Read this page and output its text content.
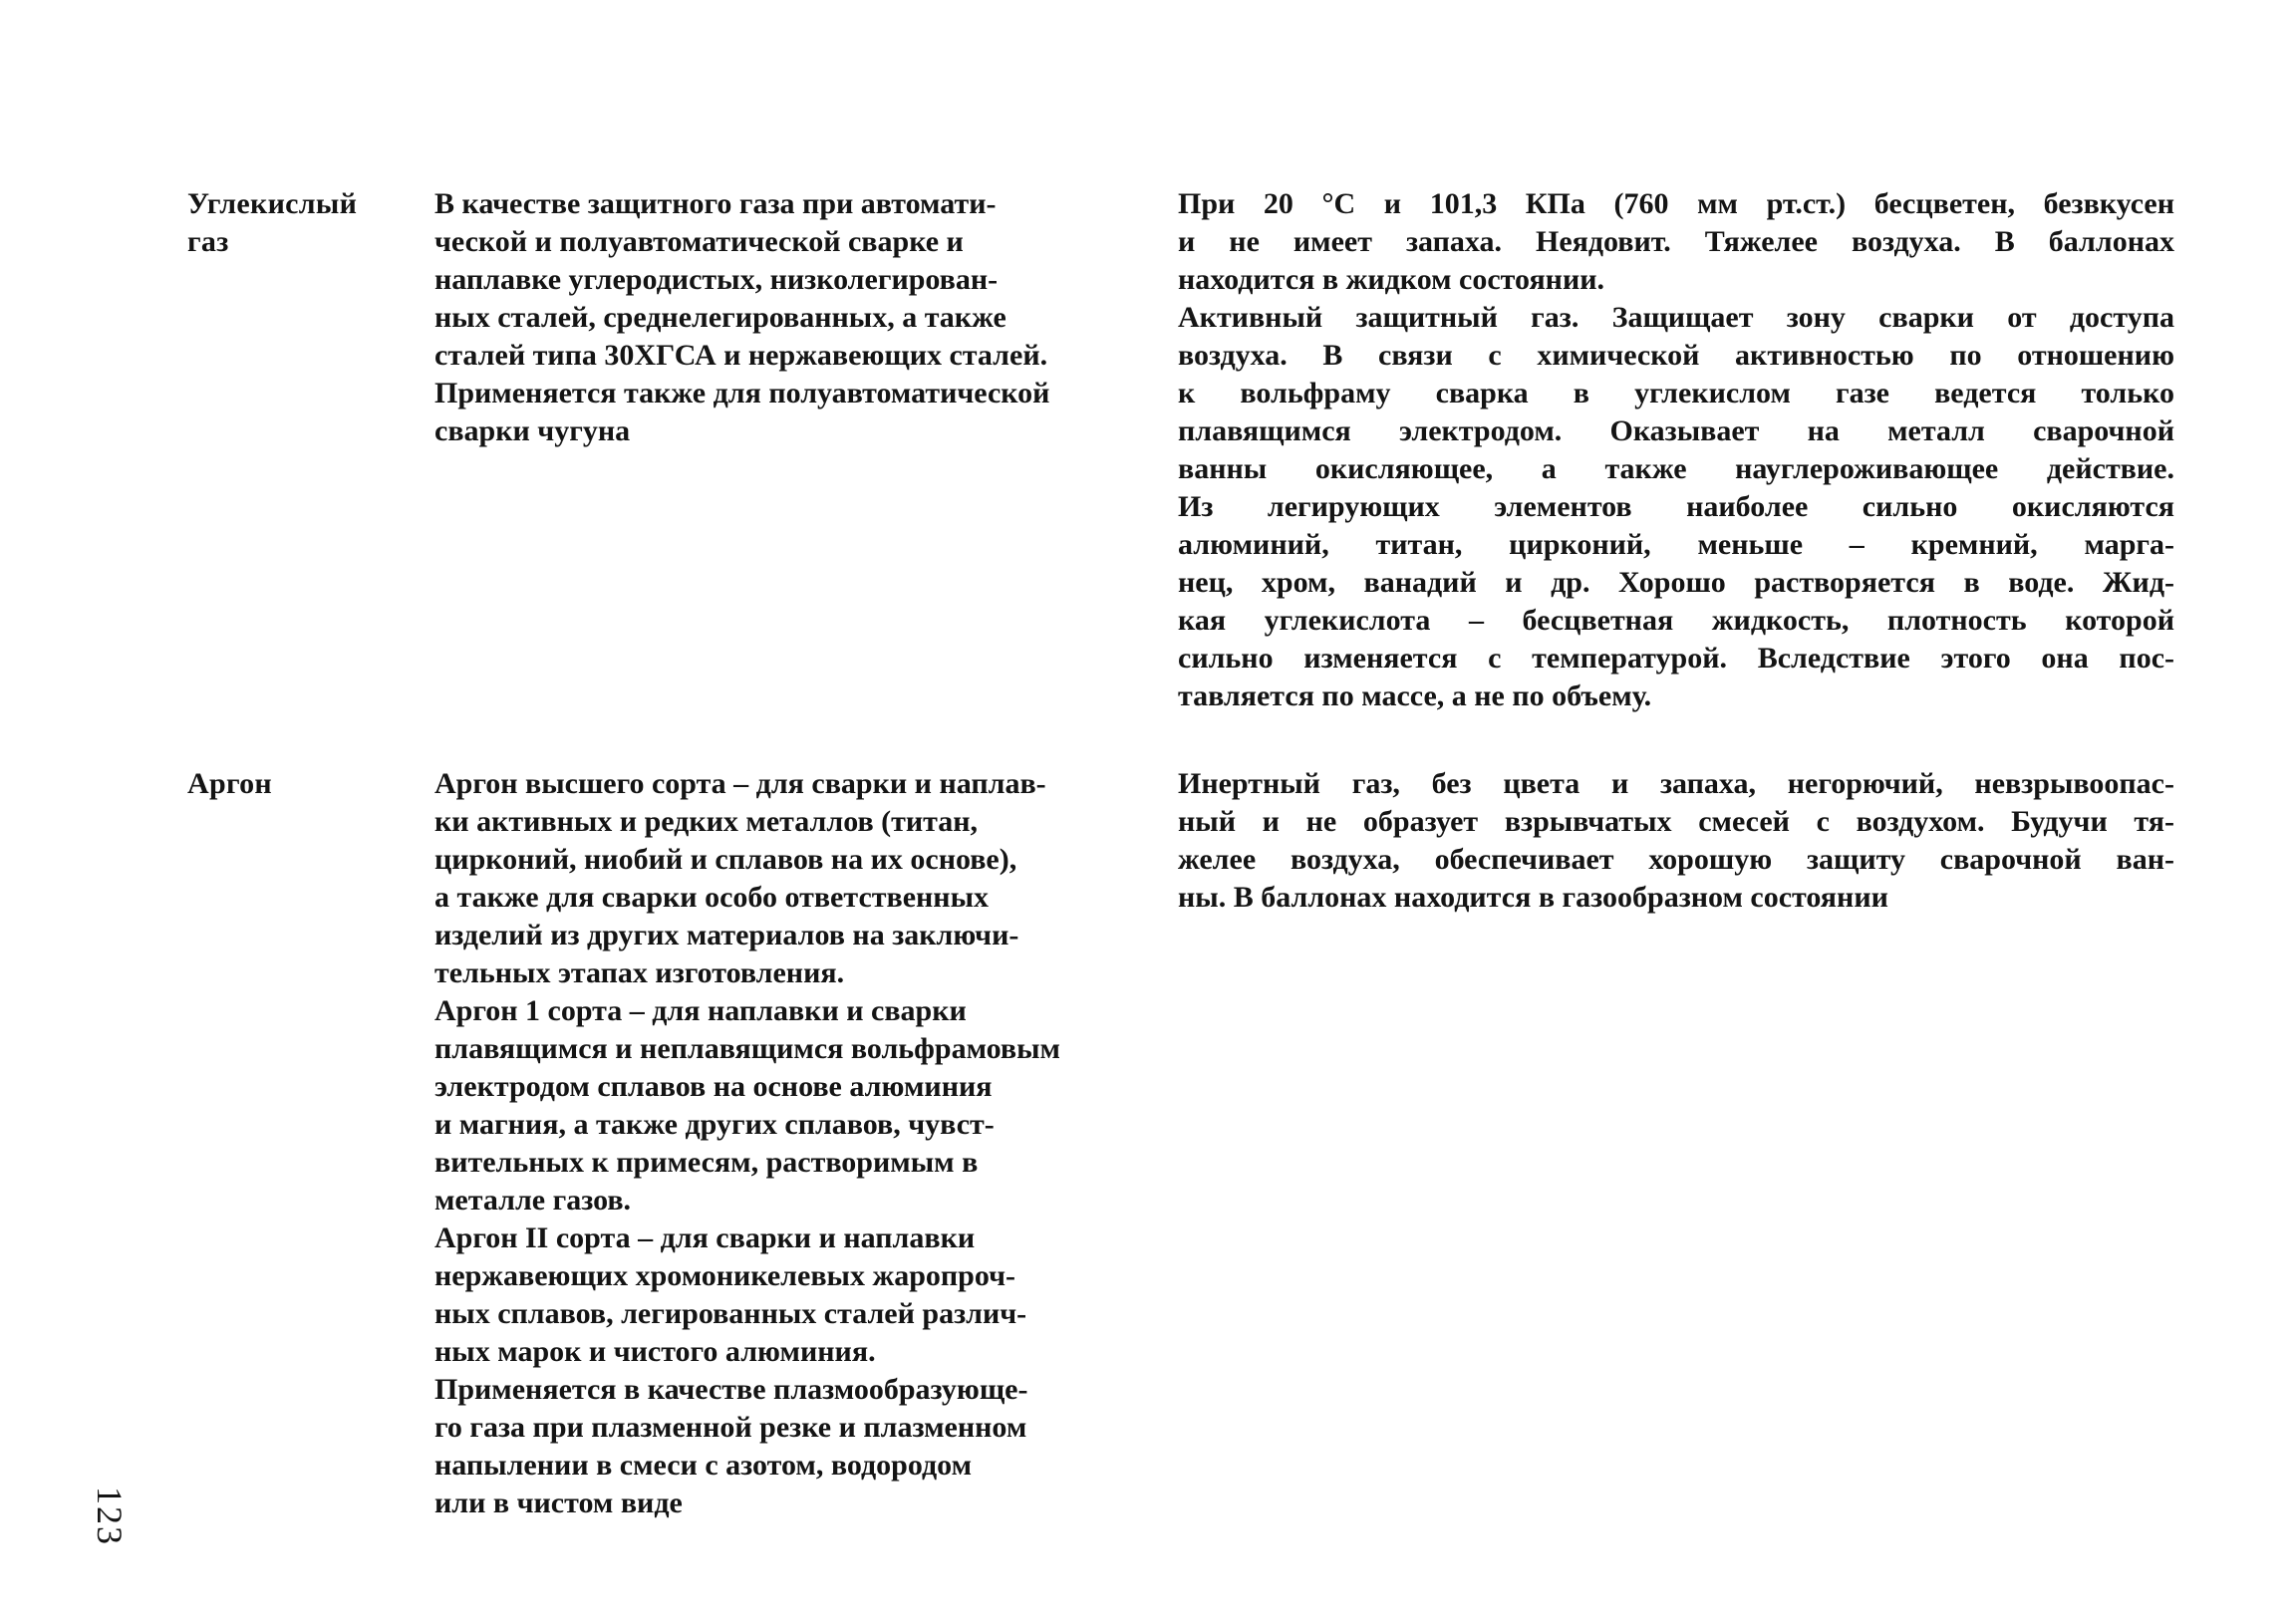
Углекислый
газ
В качестве защитного газа при автомати-
ческой и полуавтоматической сварке и
наплавке углеродистых, низколегирован-
ных сталей, среднелегированных, а также
сталей типа 30ХГСА и нержавеющих сталей.
Применяется также для полуавтоматической
сварки чугуна
При 20 °С и 101,3 КПа (760 мм рт.ст.) бесцветен, безвкусен
и не имеет запаха. Неядовит. Тяжелее воздуха. В баллонах
находится в жидком состоянии.
Активный защитный газ. Защищает зону сварки от доступа
воздуха. В связи с химической активностью по отношению
к вольфраму сварка в углекислом газе ведется только
плавящимся электродом. Оказывает на металл сварочной
ванны окисляющее, а также науглероживающее действие.
Из легирующих элементов наиболее сильно окисляются
алюминий, титан, цирконий, меньше – кремний, марга-
нец, хром, ванадий и др. Хорошо растворяется в воде. Жид-
кая углекислота – бесцветная жидкость, плотность которой
сильно изменяется с температурой. Вследствие этого она пос-
тавляется по массе, а не по объему.
Аргон	Аргон высшего сорта – для сварки и наплав-
ки активных и редких металлов (титан,
цирконий, ниобий и сплавов на их основе),
а также для сварки особо ответственных
изделий из других материалов на заключи-
тельных этапах изготовления.
Аргон 1 сорта – для наплавки и сварки
плавящимся и неплавящимся вольфрамовым
электродом сплавов на основе алюминия
и магния, а также других сплавов, чувст-
вительных к примесям, растворимым в
металле газов.
Аргон II сорта – для сварки и наплавки
нержавеющих хромоникелевых жаропроч-
ных сплавов, легированных сталей различ-
ных марок и чистого алюминия.
Применяется в качестве плазмообразующе-
го газа при плазменной резке и плазменном
напылении в смеси с азотом, водородом
или в чистом виде
Инертный газ, без цвета и запаха, негорючий, невзрывоопас-
ный и не образует взрывчатых смесей с воздухом. Будучи тя-
желее воздуха, обеспечивает хорошую защиту сварочной ван-
ны. В баллонах находится в газообразном состоянии
123
